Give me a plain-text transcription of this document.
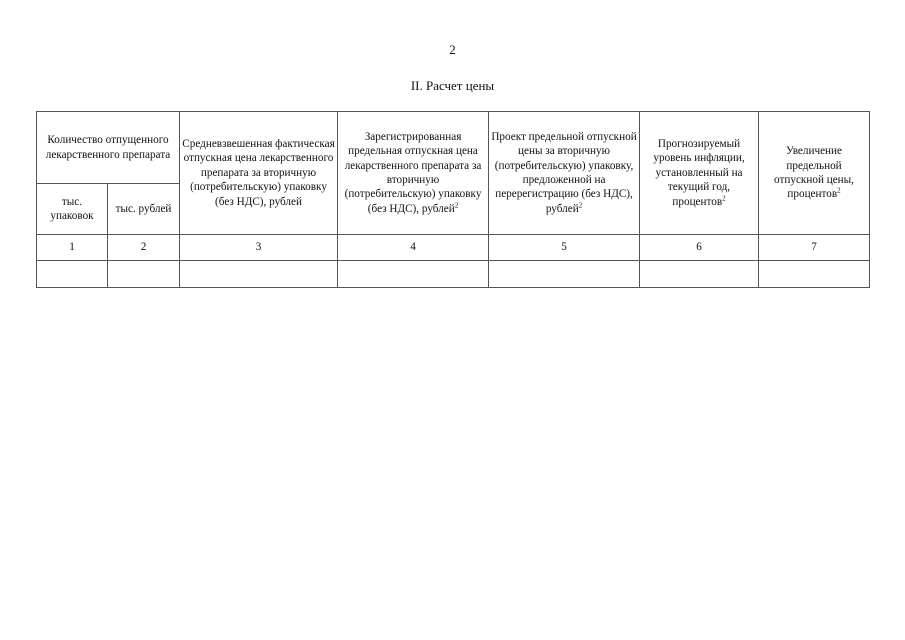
2
II. Расчет цены
Количество отпущенного лекарственного препарата		Средневзвешенная фактическая отпускная цена лекарственного препарата за вторичную (потребительскую) упаковку (без НДС), рублей	Зарегистрированная предельная отпускная цена лекарственного препарата за вторичную (потребительскую) упаковку (без НДС), рублей$^2$	Проект предельной отпускной цены за вторичную (потребительскую) упаковку, предложенной на перерегистрацию (без НДС), рублей$^2$	Прогнозируемый уровень инфляции, установленный на текущий год, процентов$^2$	Увеличение предельной отпускной цены, процентов$^2$
тыс. упаковок	тыс. рублей					
1	2	3	4	5	6	7
